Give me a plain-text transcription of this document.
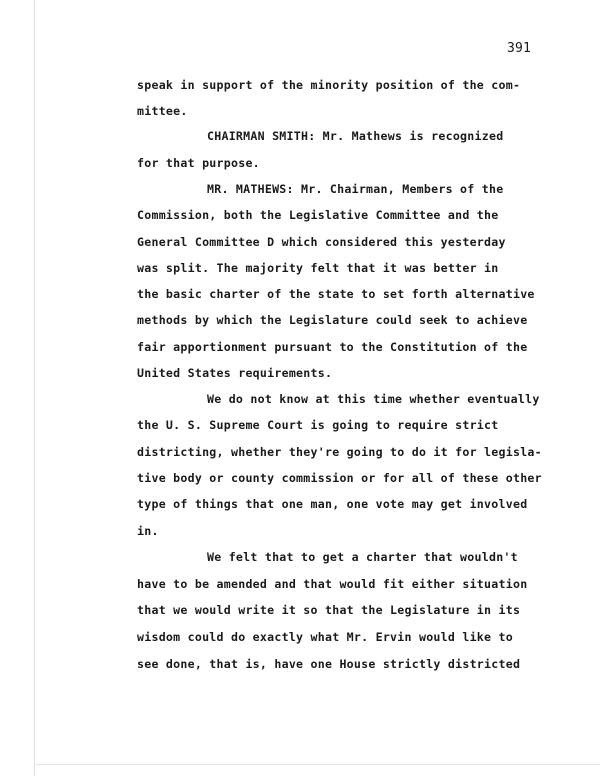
391
speak in support of the minority position of the com-
mittee.
CHAIRMAN SMITH: Mr. Mathews is recognized
for that purpose.
MR. MATHEWS: Mr. Chairman, Members of the
Commission, both the Legislative Committee and the
General Committee D which considered this yesterday
was split. The majority felt that it was better in
the basic charter of the state to set forth alternative
methods by which the Legislature could seek to achieve
fair apportionment pursuant to the Constitution of the
United States requirements.
We do not know at this time whether eventually
the U. S. Supreme Court is going to require strict
districting, whether they're going to do it for legisla-
tive body or county commission or for all of these other
type of things that one man, one vote may get involved
in.
We felt that to get a charter that wouldn't
have to be amended and that would fit either situation
that we would write it so that the Legislature in its
wisdom could do exactly what Mr. Ervin would like to
see done, that is, have one House strictly districted
